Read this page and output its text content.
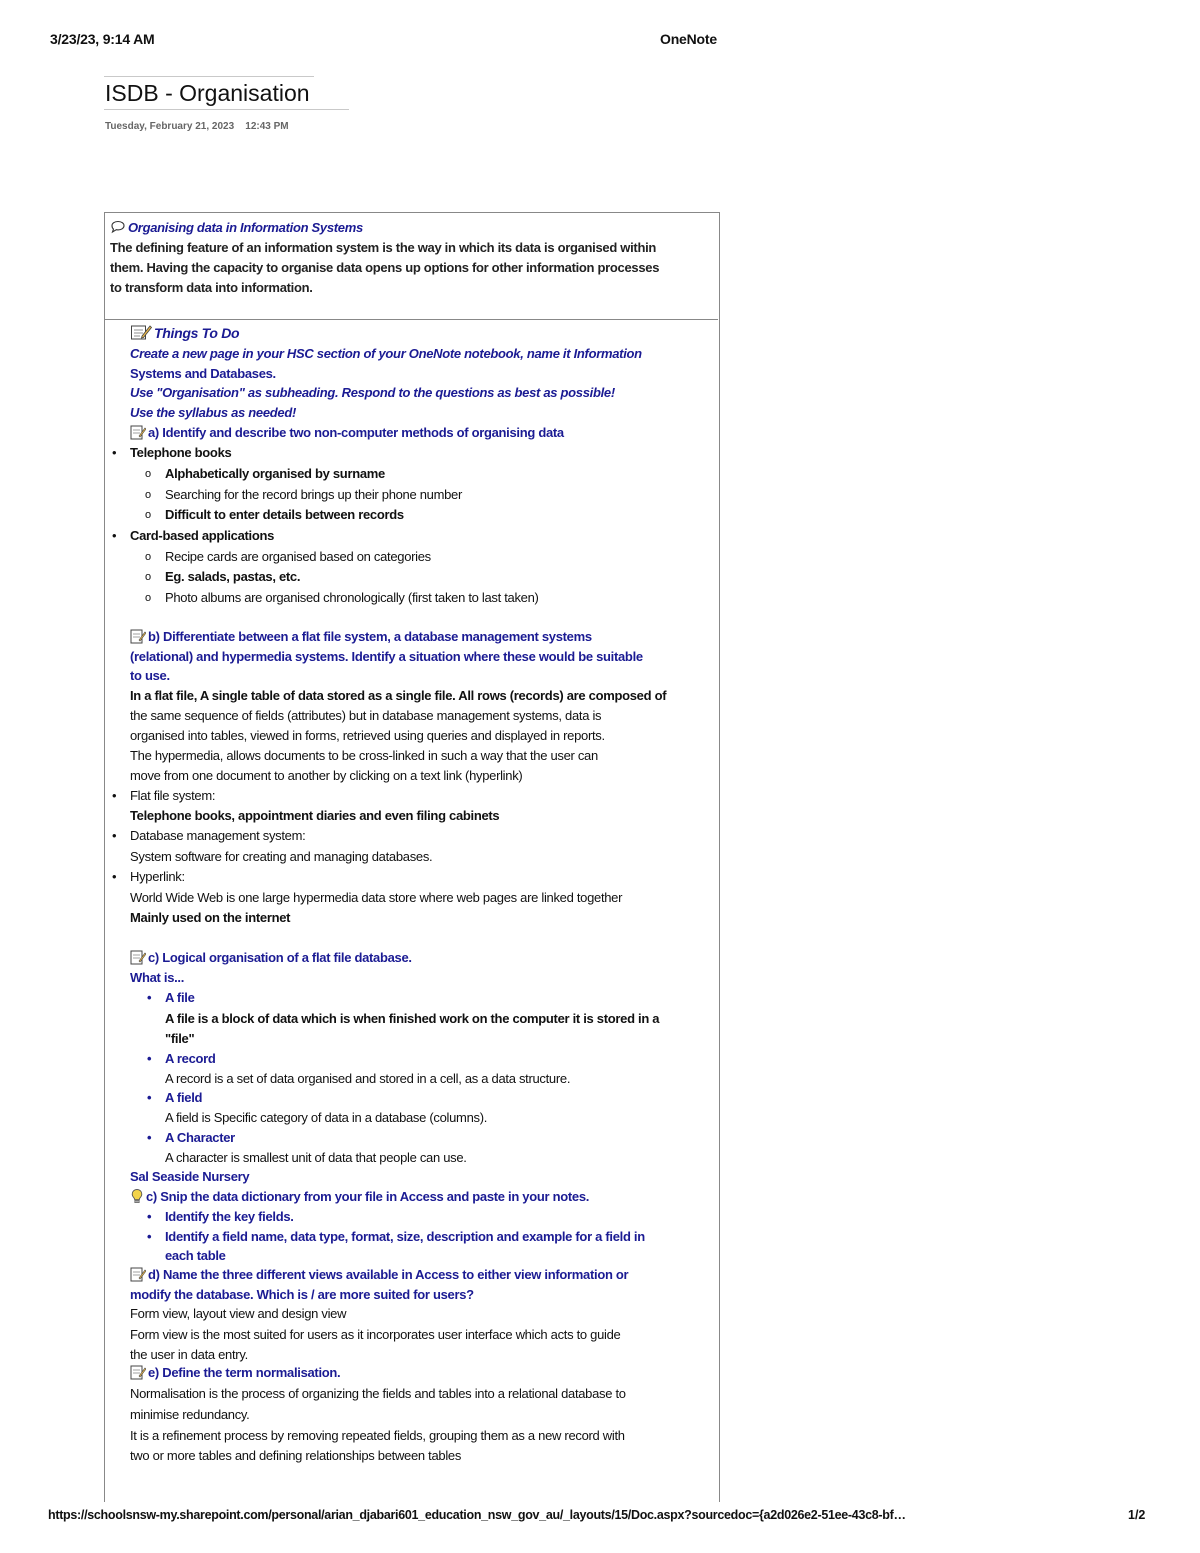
3/23/23, 9:14 AM	OneNote
ISDB - Organisation
Tuesday, February 21, 2023 12:43 PM
Organising data in Information Systems
The defining feature of an information system is the way in which its data is organised within
them. Having the capacity to organise data opens up options for other information processes
to transform data into information.
Things To Do
Create a new page in your HSC section of your OneNote notebook, name it Information
Systems and Databases.
Use "Organisation" as subheading. Respond to the questions as best as possible!
Use the syllabus as needed!
a) Identify and describe two non-computer methods of organising data
• Telephone books
o Alphabetically organised by surname
o Searching for the record brings up their phone number
o Difficult to enter details between records
• Card-based applications
o Recipe cards are organised based on categories
o Eg. salads, pastas, etc.
o Photo albums are organised chronologically (first taken to last taken)
b) Differentiate between a flat file system, a database management systems
(relational) and hypermedia systems. Identify a situation where these would be suitable
to use.
In a flat file, A single table of data stored as a single file. All rows (records) are composed of
the same sequence of fields (attributes) but in database management systems, data is
organised into tables, viewed in forms, retrieved using queries and displayed in reports.
The hypermedia, allows documents to be cross-linked in such a way that the user can
move from one document to another by clicking on a text link (hyperlink)
• Flat file system:
Telephone books, appointment diaries and even filing cabinets
• Database management system:
System software for creating and managing databases.
• Hyperlink:
World Wide Web is one large hypermedia data store where web pages are linked together
Mainly used on the internet
c) Logical organisation of a flat file database.
What is...
• A file
A file is a block of data which is when finished work on the computer it is stored in a
"file"
• A record
A record is a set of data organised and stored in a cell, as a data structure.
• A field
A field is Specific category of data in a database (columns).
• A Character
A character is smallest unit of data that people can use.
Sal Seaside Nursery
c) Snip the data dictionary from your file in Access and paste in your notes.
• Identify the key fields.
• Identify a field name, data type, format, size, description and example for a field in
each table
d) Name the three different views available in Access to either view information or
modify the database. Which is / are more suited for users?
Form view, layout view and design view
Form view is the most suited for users as it incorporates user interface which acts to guide
the user in data entry.
e) Define the term normalisation.
Normalisation is the process of organizing the fields and tables into a relational database to
minimise redundancy.
It is a refinement process by removing repeated fields, grouping them as a new record with
two or more tables and defining relationships between tables
https://schoolsnsw-my.sharepoint.com/personal/arian_djabari601_education_nsw_gov_au/_layouts/15/Doc.aspx?sourcedoc={a2d026e2-51ee-43c8-bf…	1/2
